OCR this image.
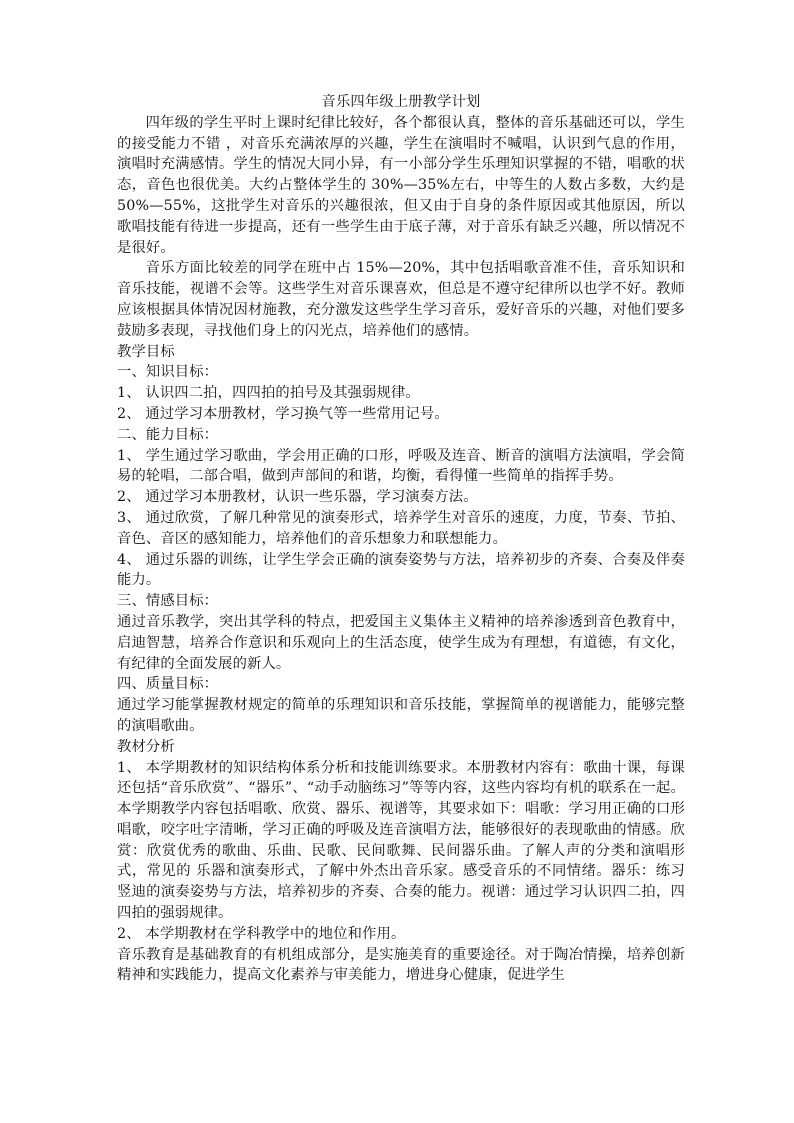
音乐四年级上册教学计划

四年级的学生平时上课时纪律比较好，各个都很认真，整体的音乐基础还可以，学生的接受能力不错 ，对音乐充满浓厚的兴趣，学生在演唱时不喊唱，认识到气息的作用，演唱时充满感情。学生的情况大同小异，有一小部分学生乐理知识掌握的不错，唱歌的状态，音色也很优美。大约占整体学生的 30%—35%左右，中等生的人数占多数，大约是 50%—55%，这批学生对音乐的兴趣很浓，但又由于自身的条件原因或其他原因，所以歌唱技能有待进一步提高，还有一些学生由于底子薄，对于音乐有缺乏兴趣，所以情况不是很好。

音乐方面比较差的同学在班中占 15%—20%，其中包括唱歌音准不佳，音乐知识和音乐技能，视谱不会等。这些学生对音乐课喜欢，但总是不遵守纪律所以也学不好。教师应该根据具体情况因材施教，充分激发这些学生学习音乐，爱好音乐的兴趣，对他们要多鼓励多表现，寻找他们身上的闪光点，培养他们的感情。

教学目标

一、知识目标：

1、 认识四二拍，四四拍的拍号及其强弱规律。

2、 通过学习本册教材，学习换气等一些常用记号。

二、能力目标：

1、 学生通过学习歌曲，学会用正确的口形，呼吸及连音、断音的演唱方法演唱，学会简易的轮唱，二部合唱，做到声部间的和谐，均衡，看得懂一些简单的指挥手势。

2、 通过学习本册教材，认识一些乐器，学习演奏方法。

3、 通过欣赏，了解几种常见的演奏形式，培养学生对音乐的速度，力度，节奏、节拍、音色、音区的感知能力，培养他们的音乐想象力和联想能力。

4、 通过乐器的训练，让学生学会正确的演奏姿势与方法，培养初步的齐奏、合奏及伴奏能力。

三、情感目标：

通过音乐教学，突出其学科的特点，把爱国主义集体主义精神的培养渗透到音色教育中，启迪智慧，培养合作意识和乐观向上的生活态度，使学生成为有理想，有道德，有文化，有纪律的全面发展的新人。

四、质量目标：

通过学习能掌握教材规定的简单的乐理知识和音乐技能，掌握简单的视谱能力，能够完整的演唱歌曲。

教材分析

1、 本学期教材的知识结构体系分析和技能训练要求。本册教材内容有：歌曲十课，每课还包括“音乐欣赏”、“器乐”、“动手动脑练习”等等内容，这些内容均有机的联系在一起。本学期教学内容包括唱歌、欣赏、器乐、视谱等，其要求如下：唱歌：学习用正确的口形唱歌，咬字吐字清晰，学习正确的呼吸及连音演唱方法，能够很好的表现歌曲的情感。欣赏：欣赏优秀的歌曲、乐曲、民歌、民间歌舞、民间器乐曲。了解人声的分类和演唱形式，常见的 乐器和演奏形式，了解中外杰出音乐家。感受音乐的不同情绪。器乐：练习竖迪的演奏姿势与方法，培养初步的齐奏、合奏的能力。视谱：通过学习认识四二拍，四四拍的强弱规律。

2、 本学期教材在学科教学中的地位和作用。

音乐教育是基础教育的有机组成部分，是实施美育的重要途径。对于陶冶情操，培养创新精神和实践能力，提高文化素养与审美能力，增进身心健康，促进学生
